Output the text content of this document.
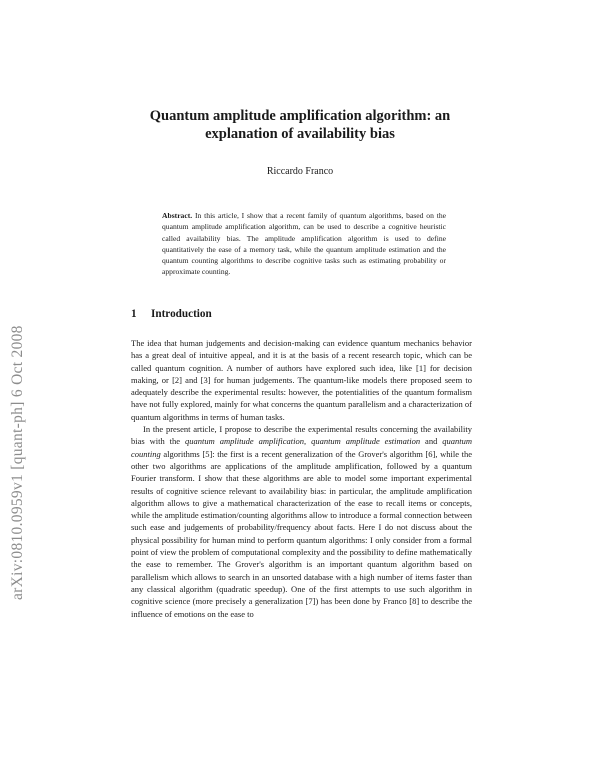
arXiv:0810.0959v1 [quant-ph] 6 Oct 2008
Quantum amplitude amplification algorithm: an
explanation of availability bias
Riccardo Franco
Abstract. In this article, I show that a recent family of quantum algorithms, based on the quantum amplitude amplification algorithm, can be used to describe a cognitive heuristic called availability bias. The amplitude amplification algorithm is used to define quantitatively the ease of a memory task, while the quantum amplitude estimation and the quantum counting algorithms to describe cognitive tasks such as estimating probability or approximate counting.
1 Introduction

The idea that human judgements and decision-making can evidence quantum mechanics behavior has a great deal of intuitive appeal, and it is at the basis of a recent research topic, which can be called quantum cognition. A number of authors have explored such idea, like [1] for decision making, or [2] and [3] for human judgements. The quantum-like models there proposed seem to adequately describe the experimental results: however, the potentialities of the quantum formalism have not fully explored, mainly for what concerns the quantum parallelism and a characterization of quantum algorithms in terms of human tasks.

In the present article, I propose to describe the experimental results concerning the availability bias with the quantum amplitude amplification, quantum amplitude estimation and quantum counting algorithms [5]: the first is a recent generalization of the Grover's algorithm [6], while the other two algorithms are applications of the amplitude amplification, followed by a quantum Fourier transform. I show that these algorithms are able to model some important experimental results of cognitive science relevant to availability bias: in particular, the amplitude amplification algorithm allows to give a mathematical characterization of the ease to recall items or concepts, while the amplitude estimation/counting algorithms allow to introduce a formal connection between such ease and judgements of probability/frequency about facts. Here I do not discuss about the physical possibility for human mind to perform quantum algorithms: I only consider from a formal point of view the problem of computational complexity and the possibility to define mathematically the ease to remember. The Grover's algorithm is an important quantum algorithm based on parallelism which allows to search in an unsorted database with a high number of items faster than any classical algorithm (quadratic speedup). One of the first attempts to use such algorithm in cognitive science (more precisely a generalization [7]) has been done by Franco [8] to describe the influence of emotions on the ease to
